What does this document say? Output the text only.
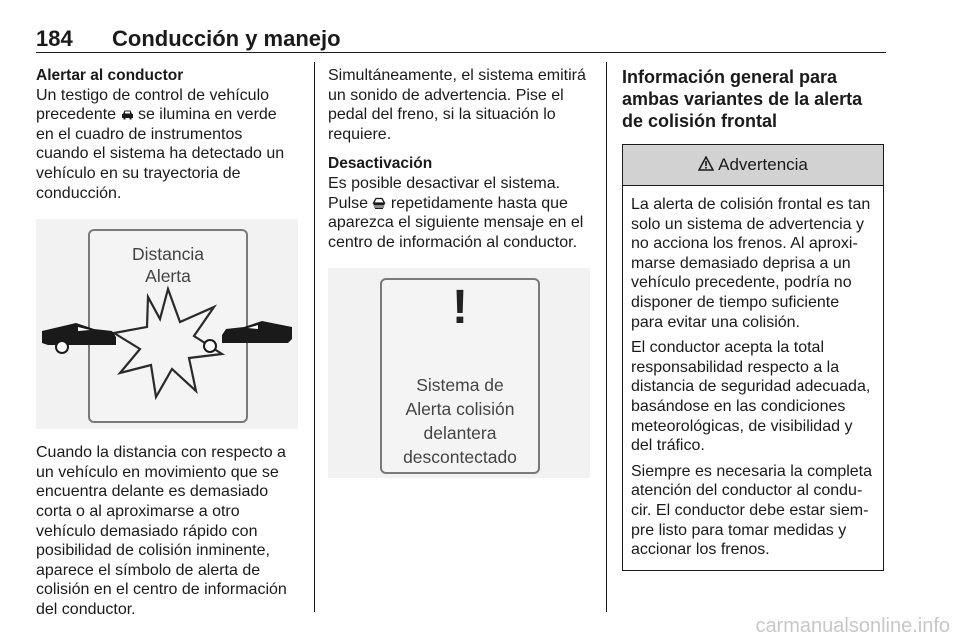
184 Conducción y manejo
Alertar al conductor

Un testigo de control de vehículo precedente  se ilumina en verde en el cuadro de instrumentos cuando el sistema ha detectado un vehículo en su trayectoria de conducción.

Distancia
Alerta

Cuando la distancia con respecto a un vehículo en movimiento que se encuentra delante es demasiado corta o al aproximarse a otro vehículo demasiado rápido con posibilidad de colisión inminente, aparece el símbolo de alerta de colisión en el centro de información del conductor.

Simultáneamente, el sistema emitirá un sonido de advertencia. Pise el pedal del freno, si la situación lo requiere.

Desactivación

Es posible desactivar el sistema.

Pulse  repetidamente hasta que aparezca el siguiente mensaje en el centro de información al conductor.

!
Sistema de
Alerta colisión
delantera
descontectado
Información general para ambas variantes de la alerta de colisión frontal
Advertencia

La alerta de colisión frontal es tan solo un sistema de advertencia y no acciona los frenos. Al aproximarse demasiado deprisa a un vehículo precedente, podría no disponer de tiempo suficiente para evitar una colisión.

El conductor acepta la total responsabilidad respecto a la distancia de seguridad adecuada, basándose en las condiciones meteorológicas, de visibilidad y del tráfico.

Siempre es necesaria la completa atención del conductor al conducir. El conductor debe estar siempre listo para tomar medidas y accionar los frenos.

carmanualsonline.info
